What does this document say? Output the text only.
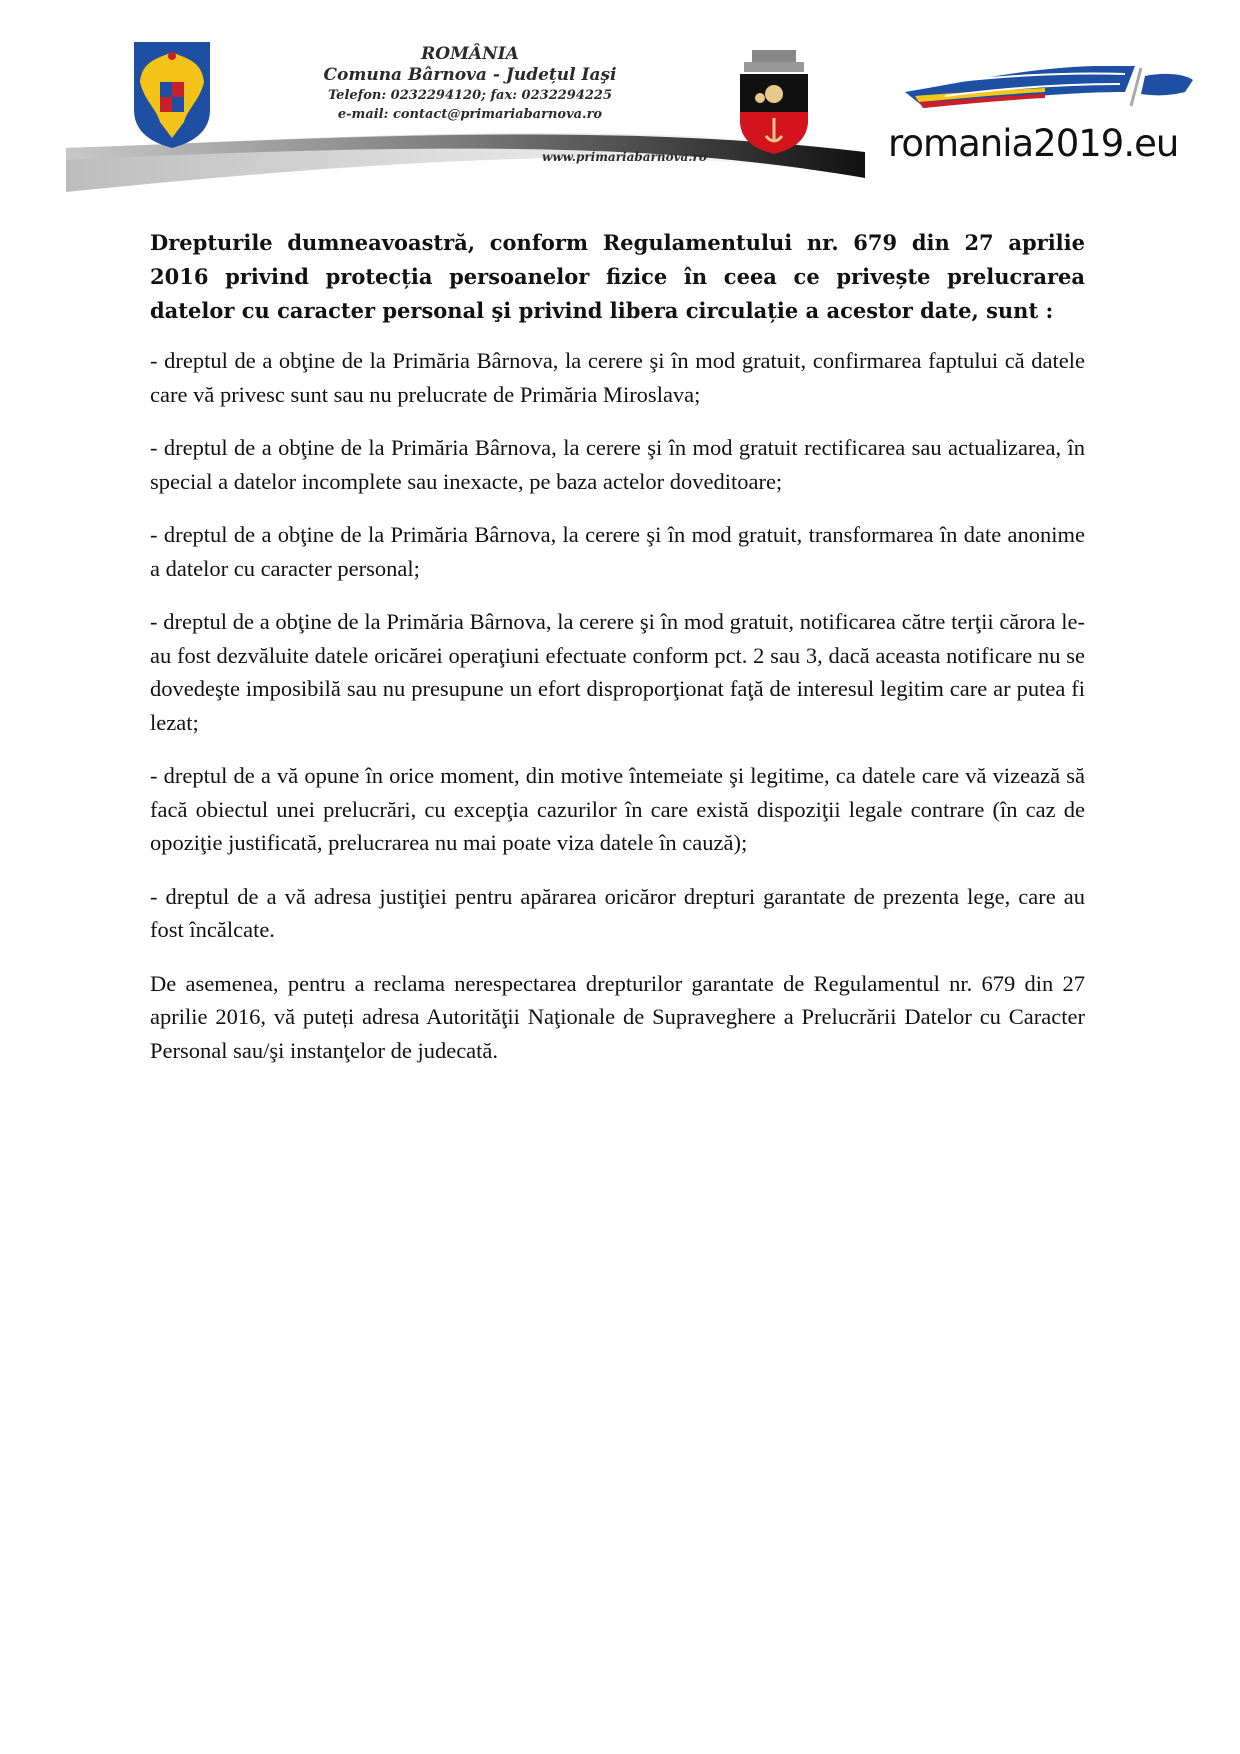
ROMÂNIA
Comuna Bârnova - Județul Iaşi
Telefon: 0232294120; fax: 0232294225
e-mail: contact@primariabarnova.ro
www.primariabarnova.ro	romania2019.eu

Drepturile dumneavoastră, conform Regulamentului nr. 679 din 27 aprilie 2016 privind protecția persoanelor fizice în ceea ce privește prelucrarea datelor cu caracter personal şi privind libera circulație a acestor date, sunt :

- dreptul de a obţine de la Primăria Bârnova, la cerere şi în mod gratuit, confirmarea faptului că datele care vă privesc sunt sau nu prelucrate de Primăria Miroslava;

- dreptul de a obţine de la Primăria Bârnova, la cerere şi în mod gratuit rectificarea sau actualizarea, în special a datelor incomplete sau inexacte, pe baza actelor doveditoare;

- dreptul de a obţine de la Primăria Bârnova, la cerere şi în mod gratuit, transformarea în date anonime a datelor cu caracter personal;

- dreptul de a obţine de la Primăria Bârnova, la cerere şi în mod gratuit, notificarea către terţii cărora le-au fost dezvăluite datele oricărei operaţiuni efectuate conform pct. 2 sau 3, dacă aceasta notificare nu se dovedeşte imposibilă sau nu presupune un efort disproporţionat faţă de interesul legitim care ar putea fi lezat;

- dreptul de a vă opune în orice moment, din motive întemeiate şi legitime, ca datele care vă vizează să facă obiectul unei prelucrări, cu excepţia cazurilor în care există dispoziţii legale contrare (în caz de opoziţie justificată, prelucrarea nu mai poate viza datele în cauză);

- dreptul de a vă adresa justiţiei pentru apărarea oricăror drepturi garantate de prezenta lege, care au fost încălcate.

De asemenea, pentru a reclama nerespectarea drepturilor garantate de Regulamentul nr. 679 din 27 aprilie 2016, vă puteți adresa Autorităţii Naţionale de Supraveghere a Prelucrării Datelor cu Caracter Personal sau/şi instanţelor de judecată.
